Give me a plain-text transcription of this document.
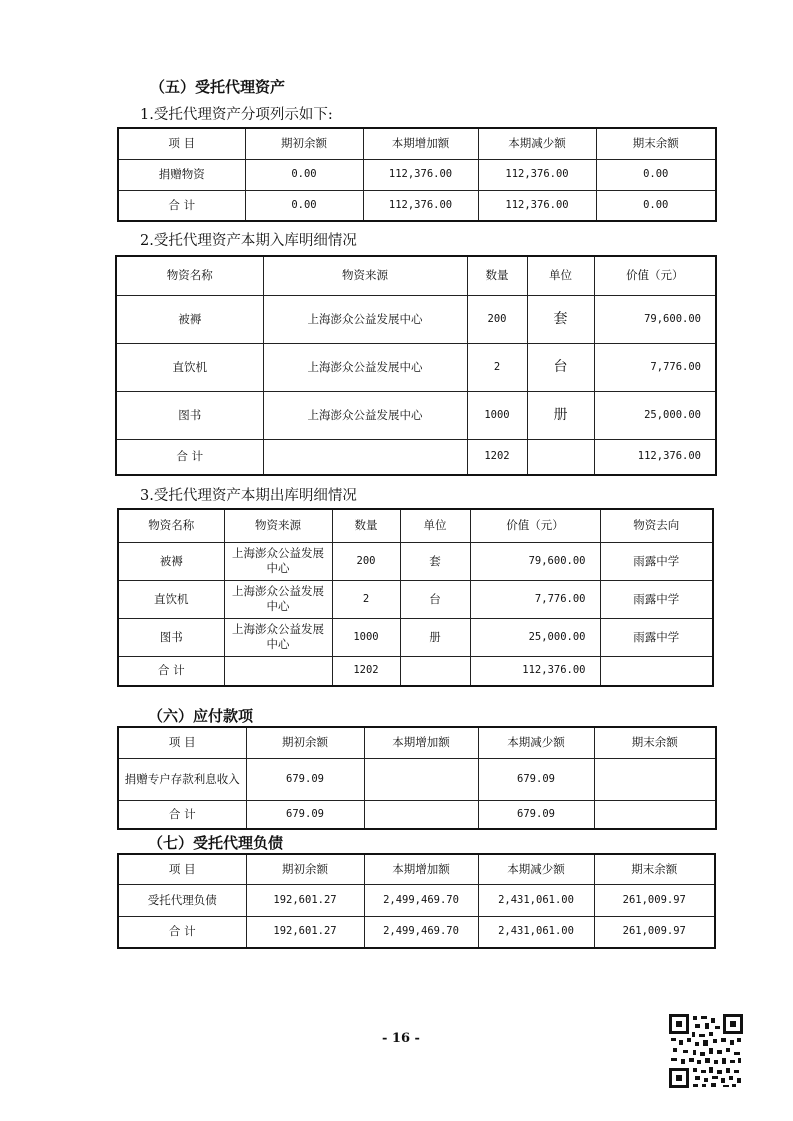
（五）受托代理资产
1.受托代理资产分项列示如下:
项 目	期初余额	本期增加额	本期减少额	期末余额
捐赠物资	0.00	112,376.00	112,376.00	0.00
合 计	0.00	112,376.00	112,376.00	0.00
2.受托代理资产本期入库明细情况
物资名称	物资来源	数量	单位	价值（元）
被褥	上海澎众公益发展中心	200	套	79,600.00
直饮机	上海澎众公益发展中心	2	台	7,776.00
图书	上海澎众公益发展中心	1000	册	25,000.00
合 计		1202		112,376.00
3.受托代理资产本期出库明细情况
物资名称	物资来源	数量	单位	价值（元）	物资去向
被褥	上海澎众公益发展中心	200	套	79,600.00	雨露中学
直饮机	上海澎众公益发展中心	2	台	7,776.00	雨露中学
图书	上海澎众公益发展中心	1000	册	25,000.00	雨露中学
合 计		1202		112,376.00	
（六）应付款项
项 目	期初余额	本期增加额	本期减少额	期末余额
捐赠专户存款利息收入	679.09		679.09	
合 计	679.09		679.09	
（七）受托代理负债
项 目	期初余额	本期增加额	本期减少额	期末余额
受托代理负债	192,601.27	2,499,469.70	2,431,061.00	261,009.97
合 计	192,601.27	2,499,469.70	2,431,061.00	261,009.97
- 16 -
